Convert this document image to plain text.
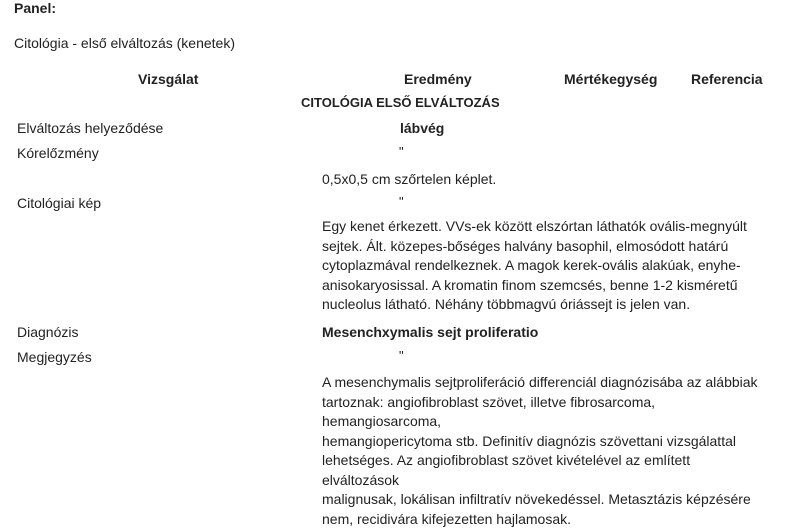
Panel:
Citológia - első elváltozás (kenetek)
Vizsgálat	Eredmény	Mértékegység Referencia
CITOLÓGIA ELSŐ ELVÁLTOZÁS
Elváltozás helyeződése	lábvég
Kórelőzmény	"
0,5x0,5 cm szőrtelen képlet.
Citológiai kép	"
Egy kenet érkezett. VVs-ek között elszórtan láthatók ovális-megnyúlt
sejtek. Ált. közepes-bőséges halvány basophil, elmosódott határú
cytoplazmával rendelkeznek. A magok kerek-ovális alakúak, enyhe-
anisokaryosissal. A kromatin finom szemcsés, benne 1-2 kisméretű
nucleolus látható. Néhány többmagvú óriássejt is jelen van.
Diagnózis	Mesenchxymalis sejt proliferatio
Megjegyzés	"
A mesenchymalis sejtproliferáció differenciál diagnózisába az alábbiak
tartoznak: angiofibroblast szövet, illetve fibrosarcoma, hemangiosarcoma,
hemangiopericytoma stb. Definitív diagnózis szövettani vizsgálattal
lehetséges. Az angiofibroblast szövet kivételével az említett elváltozások
malignusak, lokálisan infiltratív növekedéssel. Metasztázis képzésére
nem, recidivára kifejezetten hajlamosak.
